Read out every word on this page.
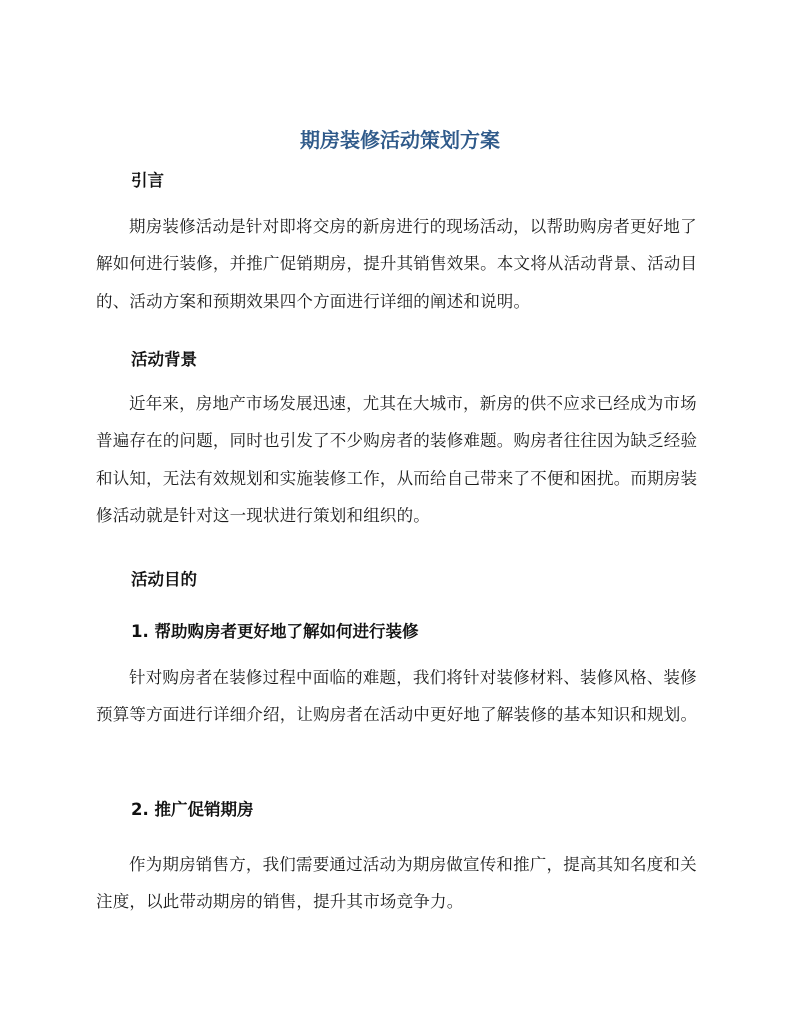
期房装修活动策划方案
引言

期房装修活动是针对即将交房的新房进行的现场活动，以帮助购房者更好地了解如何进行装修，并推广促销期房，提升其销售效果。本文将从活动背景、活动目的、活动方案和预期效果四个方面进行详细的阐述和说明。

活动背景

近年来，房地产市场发展迅速，尤其在大城市，新房的供不应求已经成为市场普遍存在的问题，同时也引发了不少购房者的装修难题。购房者往往因为缺乏经验和认知，无法有效规划和实施装修工作，从而给自己带来了不便和困扰。而期房装修活动就是针对这一现状进行策划和组织的。

活动目的
1. 帮助购房者更好地了解如何进行装修

针对购房者在装修过程中面临的难题，我们将针对装修材料、装修风格、装修预算等方面进行详细介绍，让购房者在活动中更好地了解装修的基本知识和规划。

2. 推广促销期房

作为期房销售方，我们需要通过活动为期房做宣传和推广，提高其知名度和关注度，以此带动期房的销售，提升其市场竞争力。
